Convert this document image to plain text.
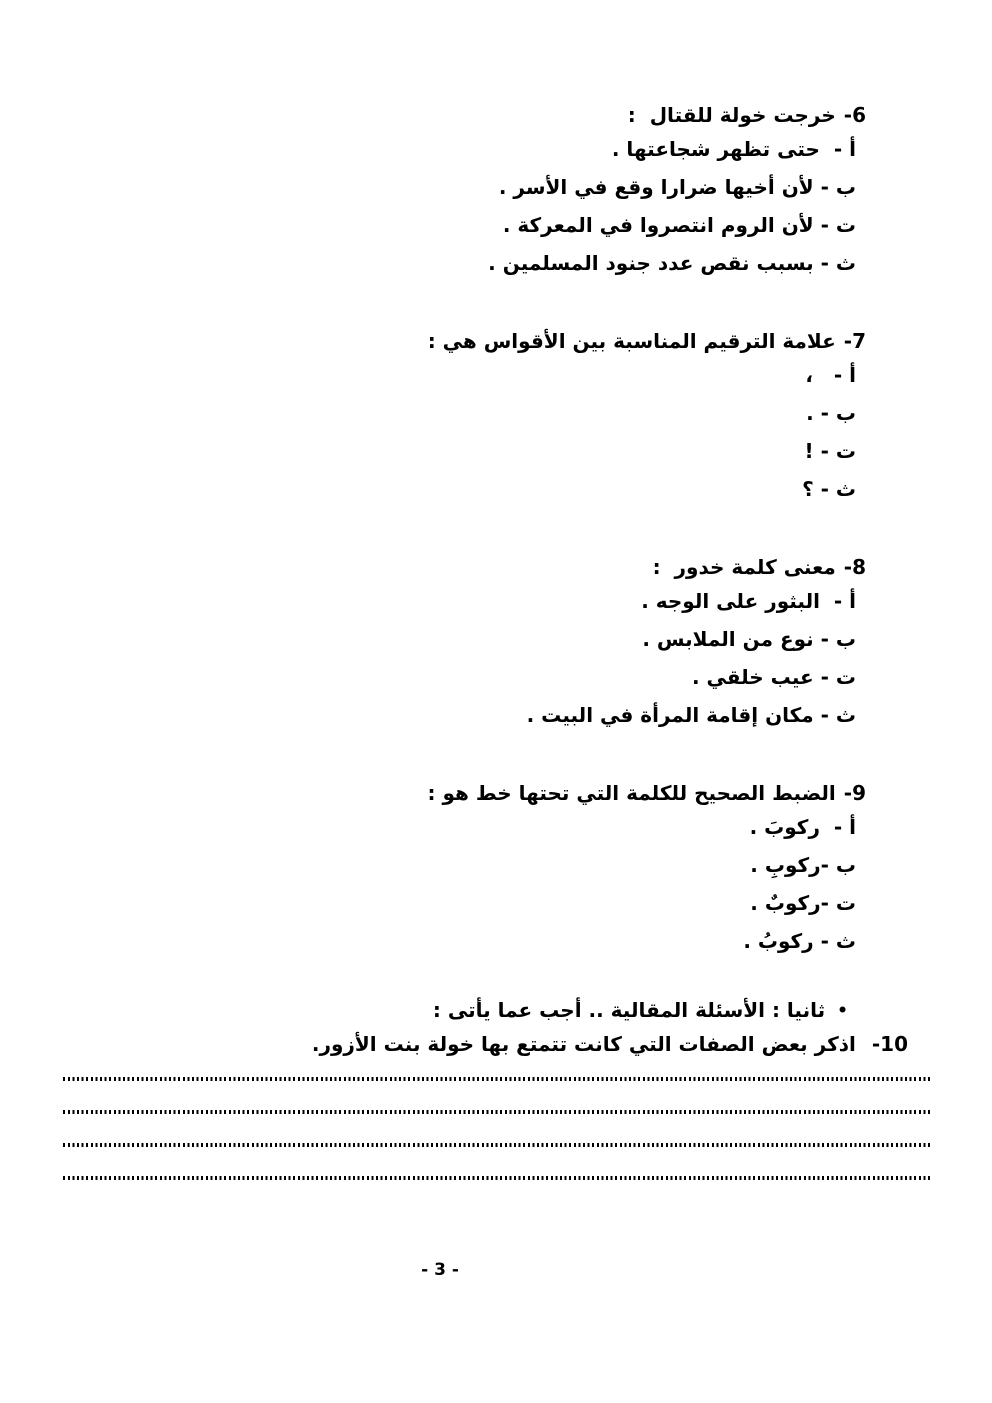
6-خرجت خولة للقتال  :
أ -  حتى تظهر شجاعتها .
ب - لأن أخيها ضرارا وقع في الأسر .
ت - لأن الروم انتصروا في المعركة .
ث - بسبب نقص عدد جنود المسلمين .
7-علامة الترقيم المناسبة بين الأقواس هي :
أ -   ،
ب - .
ت - !
ث - ؟
8-معنى كلمة خدور  :
أ -  البثور على الوجه .
ب - نوع من الملابس .
ت - عيب خلقي .
ث - مكان إقامة المرأة في البيت .
9-الضبط الصحيح للكلمة التي تحتها خط هو :
أ -  ركوبَ .
ب -ركوبِ .
ت -ركوبٌ .
ث - ركوبُ .
•ثانيا : الأسئلة المقالية .. أجب عما يأتى :
10-اذكر بعض الصفات التي كانت تتمتع بها خولة بنت الأزور.
- 3 -
